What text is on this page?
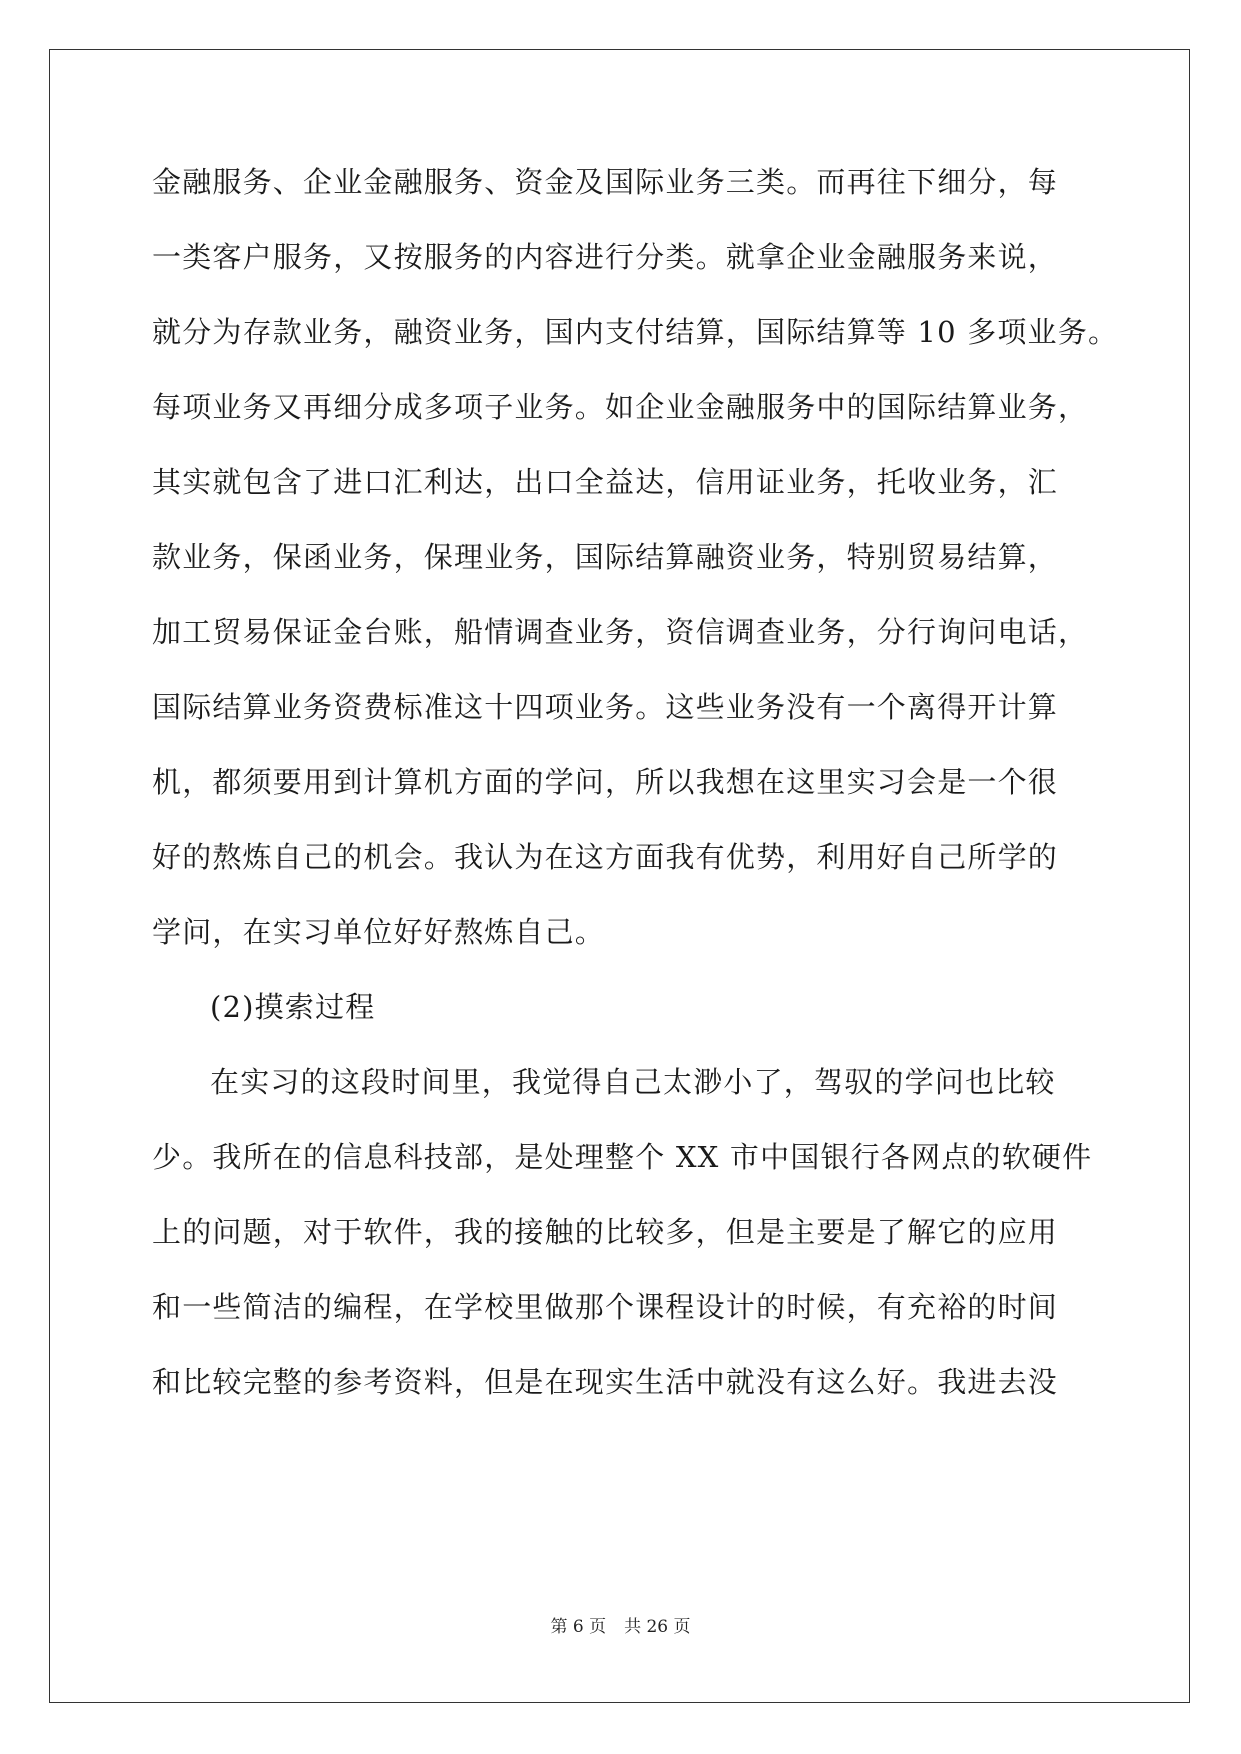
金融服务、企业金融服务、资金及国际业务三类。而再往下细分，每
一类客户服务，又按服务的内容进行分类。就拿企业金融服务来说，
就分为存款业务，融资业务，国内支付结算，国际结算等 10 多项业务。
每项业务又再细分成多项子业务。如企业金融服务中的国际结算业务，
其实就包含了进口汇利达，出口全益达，信用证业务，托收业务，汇
款业务，保函业务，保理业务，国际结算融资业务，特别贸易结算，
加工贸易保证金台账，船情调查业务，资信调查业务，分行询问电话，
国际结算业务资费标准这十四项业务。这些业务没有一个离得开计算
机，都须要用到计算机方面的学问，所以我想在这里实习会是一个很
好的熬炼自己的机会。我认为在这方面我有优势，利用好自己所学的
学问，在实习单位好好熬炼自己。
(2)摸索过程
在实习的这段时间里，我觉得自己太渺小了，驾驭的学问也比较
少。我所在的信息科技部，是处理整个 XX 市中国银行各网点的软硬件
上的问题，对于软件，我的接触的比较多，但是主要是了解它的应用
和一些简洁的编程，在学校里做那个课程设计的时候，有充裕的时间
和比较完整的参考资料，但是在现实生活中就没有这么好。我进去没
第 6 页 共 26 页
